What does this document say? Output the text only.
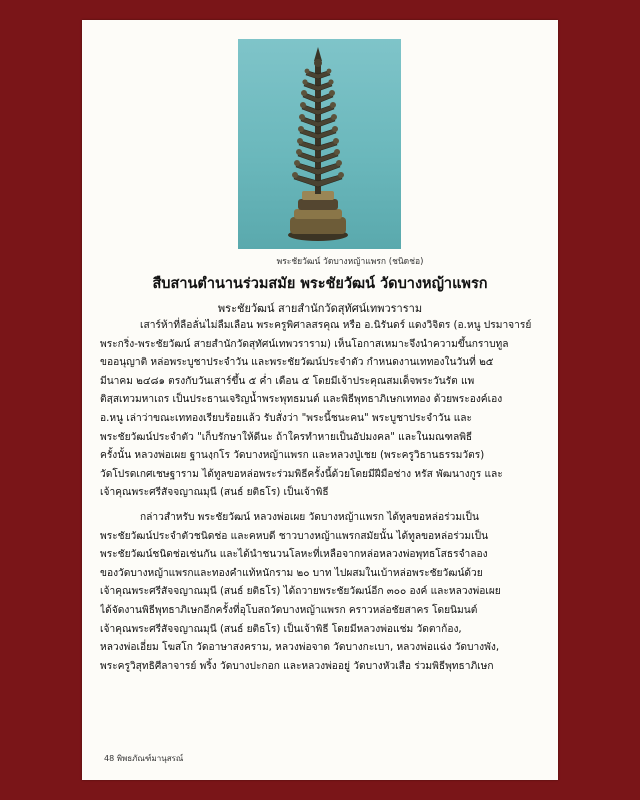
พระชัยวัฒน์ วัดบางหญ้าแพรก (ชนิดช่อ)
สืบสานตำนานร่วมสมัย พระชัยวัฒน์ วัดบางหญ้าแพรก
พระชัยวัฒน์ สายสำนักวัดสุทัศน์เทพวราราม
เสาร์ห้าที่ลือลั่นไม่ลืมเลือน พระครูพิศาลสรคุณ หรือ อ.นิรันดร์ แดงวิจิตร (อ.หนู ปรมาจารย์
พระกริ่ง-พระชัยวัฒน์ สายสำนักวัดสุทัศน์เทพวราราม) เห็นโอกาสเหมาะจึงนำความขึ้นกราบทูล
ขออนุญาติ หล่อพระบูชาประจำวัน และพระชัยวัฒน์ประจำตัว กำหนดงานเททองในวันที่ ๒๕
มีนาคม ๒๔๘๑ ตรงกับวันเสาร์ขึ้น ๕ ค่ำ เดือน ๕ โดยมีเจ้าประคุณสมเด็จพระวันรัต แพ
ติสฺสเทวมหาเถร เป็นประธานเจริญน้ำพระพุทธมนต์ และพิธีพุทธาภิเษกเททอง ด้วยพระองค์เอง
อ.หนู เล่าว่าขณะเททองเรียบร้อยแล้ว รับสั่งว่า "พระนี้ชนะคน" พระบูชาประจำวัน และ
พระชัยวัฒน์ประจำตัว "เก็บรักษาให้ดีนะ ถ้าใครทำหายเป็นอัปมงคล" และในมณฑลพิธี
ครั้งนั้น หลวงพ่อเผย ฐานงฺกโร วัดบางหญ้าแพรก และหลวงปู่เชย (พระครูวิธานธรรมวัตร)
วัดโปรดเกศเชษฐาราม ได้ทูลขอหล่อพระร่วมพิธีครั้งนี้ด้วยโดยมีฝีมือช่าง หรัส พัฒนางกูร และ
เจ้าคุณพระศรีสัจจญาณมุนี (สนธ์ ยติธโร) เป็นเจ้าพิธี
กล่าวสำหรับ พระชัยวัฒน์ หลวงพ่อเผย วัดบางหญ้าแพรก ได้ทูลขอหล่อร่วมเป็น
พระชัยวัฒน์ประจำตัวชนิดช่อ และคหบดี ชาวบางหญ้าแพรกสมัยนั้น ได้ทูลขอหล่อร่วมเป็น
พระชัยวัฒน์ชนิดช่อเช่นกัน และได้นำชนวนโลหะที่เหลือจากหล่อหลวงพ่อพุทธโสธรจำลอง
ของวัดบางหญ้าแพรกและทองคำแท้หนักราม ๒๐ บาท ไปผสมในเบ้าหล่อพระชัยวัฒน์ด้วย
เจ้าคุณพระศรีสัจจญาณมุนี (สนธ์ ยติธโร) ได้ถวายพระชัยวัฒน์อีก ๓๐๐ องค์ และหลวงพ่อเผย
ได้จัดงานพิธีพุทธาภิเษกอีกครั้งที่อุโบสถวัดบางหญ้าแพรก คราวหล่อชัยสาคร โดยนิมนต์
เจ้าคุณพระศรีสัจจญาณมุนี (สนธ์ ยติธโร) เป็นเจ้าพิธี โดยมีหลวงพ่อแช่ม วัดตาก้อง,
หลวงพ่อเอี่ยม โฆสโก วัดอาษาสงคราม, หลวงพ่อจาด วัดบางกะเบา, หลวงพ่อแฉ่ง วัดบางพัง,
พระครูวิสุทธิศีลาจารย์ พริ้ง วัดบางปะกอก และหลวงพ่ออยู่ วัดบางหัวเสือ ร่วมพิธีพุทธาภิเษก
48 พิพธภัณฑ์มานุสรณ์
